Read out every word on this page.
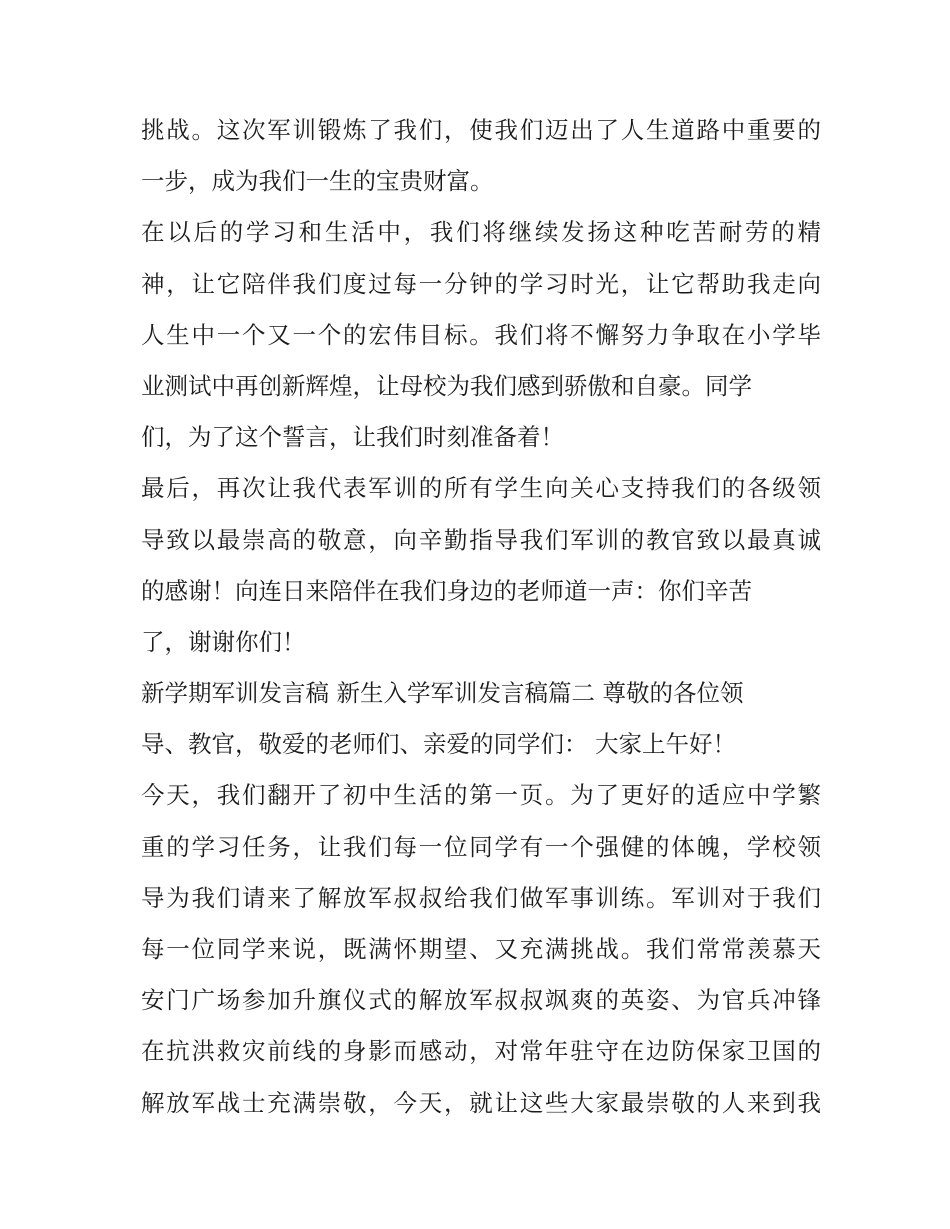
挑战。这次军训锻炼了我们，使我们迈出了人生道路中重要的
一步，成为我们一生的宝贵财富。
在以后的学习和生活中，我们将继续发扬这种吃苦耐劳的精
神，让它陪伴我们度过每一分钟的学习时光，让它帮助我走向
人生中一个又一个的宏伟目标。我们将不懈努力争取在小学毕
业测试中再创新辉煌，让母校为我们感到骄傲和自豪。同学
们，为了这个誓言，让我们时刻准备着！
最后，再次让我代表军训的所有学生向关心支持我们的各级领
导致以最崇高的敬意，向辛勤指导我们军训的教官致以最真诚
的感谢！向连日来陪伴在我们身边的老师道一声：你们辛苦
了，谢谢你们！
新学期军训发言稿 新生入学军训发言稿篇二 尊敬的各位领
导、教官，敬爱的老师们、亲爱的同学们： 大家上午好！
今天，我们翻开了初中生活的第一页。为了更好的适应中学繁
重的学习任务，让我们每一位同学有一个强健的体魄，学校领
导为我们请来了解放军叔叔给我们做军事训练。军训对于我们
每一位同学来说，既满怀期望、又充满挑战。我们常常羡慕天
安门广场参加升旗仪式的解放军叔叔飒爽的英姿、为官兵冲锋
在抗洪救灾前线的身影而感动，对常年驻守在边防保家卫国的
解放军战士充满崇敬，今天，就让这些大家最崇敬的人来到我
